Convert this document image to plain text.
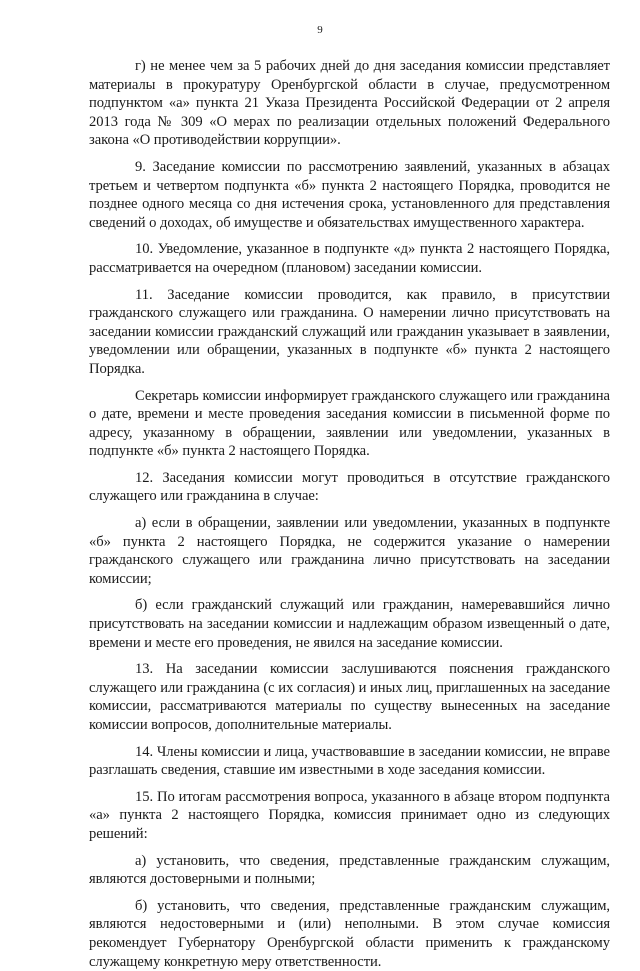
9

г) не менее чем за 5 рабочих дней до дня заседания комиссии представляет материалы в прокуратуру Оренбургской области в случае, предусмотренном подпунктом «а» пункта 21 Указа Президента Российской Федерации от 2 апреля 2013 года № 309 «О мерах по реализации отдельных положений Федерального закона «О противодействии коррупции».

9. Заседание комиссии по рассмотрению заявлений, указанных в абзацах третьем и четвертом подпункта «б» пункта 2 настоящего Порядка, проводится не позднее одного месяца со дня истечения срока, установленного для представления сведений о доходах, об имуществе и обязательствах имущественного характера.

10. Уведомление, указанное в подпункте «д» пункта 2 настоящего Порядка, рассматривается на очередном (плановом) заседании комиссии.

11. Заседание комиссии проводится, как правило, в присутствии гражданского служащего или гражданина. О намерении лично присутствовать на заседании комиссии гражданский служащий или гражданин указывает в заявлении, уведомлении или обращении, указанных в подпункте «б» пункта 2 настоящего Порядка.

Секретарь комиссии информирует гражданского служащего или гражданина о дате, времени и месте проведения заседания комиссии в письменной форме по адресу, указанному в обращении, заявлении или уведомлении, указанных в подпункте «б» пункта 2 настоящего Порядка.

12. Заседания комиссии могут проводиться в отсутствие гражданского служащего или гражданина в случае:

а) если в обращении, заявлении или уведомлении, указанных в подпункте «б» пункта 2 настоящего Порядка, не содержится указание о намерении гражданского служащего или гражданина лично присутствовать на заседании комиссии;

б) если гражданский служащий или гражданин, намеревавшийся лично присутствовать на заседании комиссии и надлежащим образом извещенный о дате, времени и месте его проведения, не явился на заседание комиссии.

13. На заседании комиссии заслушиваются пояснения гражданского служащего или гражданина (с их согласия) и иных лиц, приглашенных на заседание комиссии, рассматриваются материалы по существу вынесенных на заседание комиссии вопросов, дополнительные материалы.

14. Члены комиссии и лица, участвовавшие в заседании комиссии, не вправе разглашать сведения, ставшие им известными в ходе заседания комиссии.

15. По итогам рассмотрения вопроса, указанного в абзаце втором подпункта «а» пункта 2 настоящего Порядка, комиссия принимает одно из следующих решений:

а) установить, что сведения, представленные гражданским служащим, являются достоверными и полными;

б) установить, что сведения, представленные гражданским служащим, являются недостоверными и (или) неполными. В этом случае комиссия рекомендует Губернатору Оренбургской области применить к гражданскому служащему конкретную меру ответственности.
